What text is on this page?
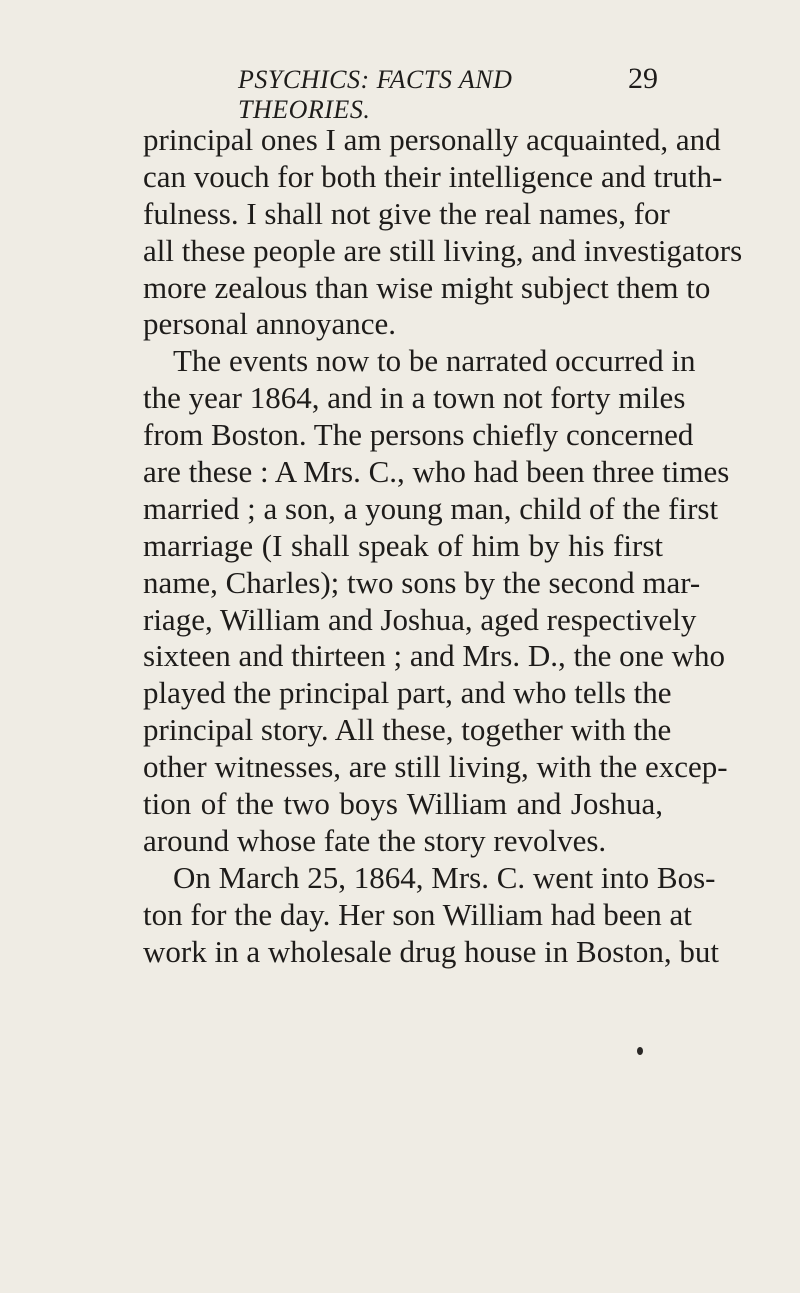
PSYCHICS: FACTS AND THEORIES.
29
principal ones I am personally acquainted, and
can vouch for both their intelligence and truth-
fulness. I shall not give the real names, for
all these people are still living, and investigators
more zealous than wise might subject them to
personal annoyance.
The events now to be narrated occurred in
the year 1864, and in a town not forty miles
from Boston. The persons chiefly concerned
are these : A Mrs. C., who had been three times
married ; a son, a young man, child of the first
marriage (I shall speak of him by his first
name, Charles); two sons by the second mar-
riage, William and Joshua, aged respectively
sixteen and thirteen ; and Mrs. D., the one who
played the principal part, and who tells the
principal story. All these, together with the
other witnesses, are still living, with the excep-
tion of the two boys William and Joshua,
around whose fate the story revolves.
On March 25, 1864, Mrs. C. went into Bos-
ton for the day. Her son William had been at
work in a wholesale drug house in Boston, but
